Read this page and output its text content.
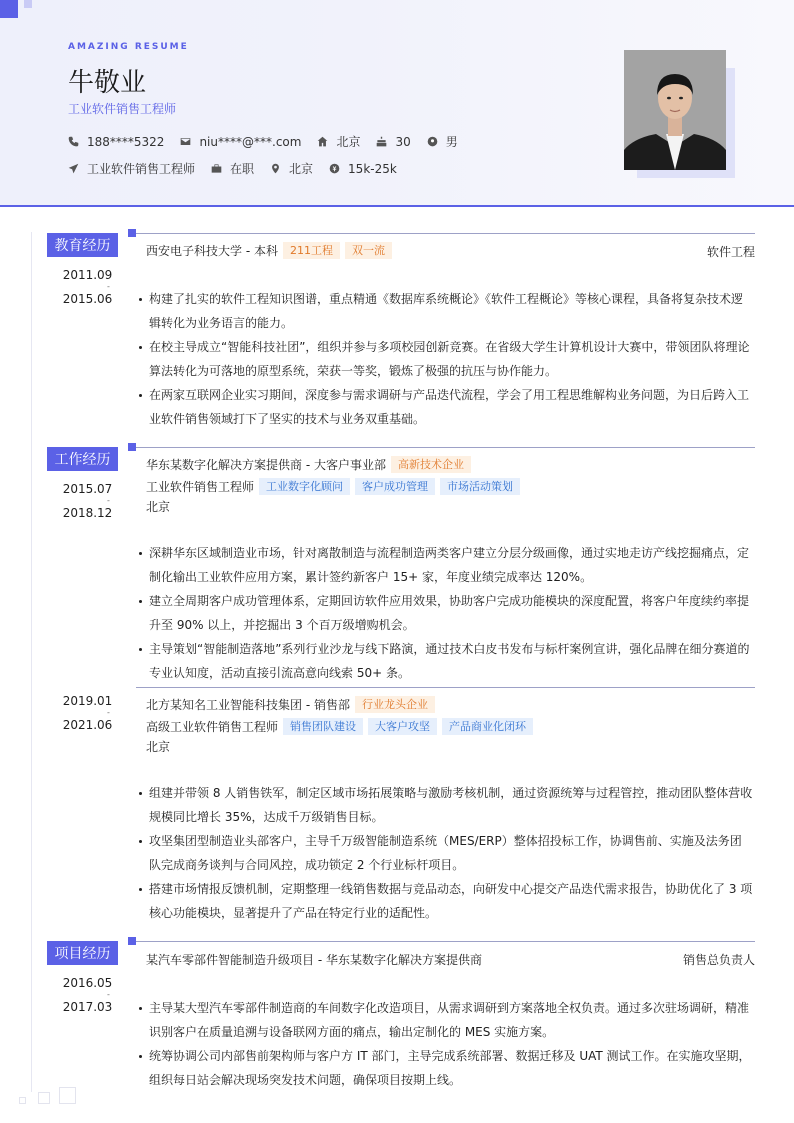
AMAZING RESUME
牛敬业
工业软件销售工程师
188****5322	niu****@***.com	北京	30	男
工业软件销售工程师	在职	北京	15k-25k
教育经历
2011.09
-
2015.06
西安电子科技大学 - 本科	211工程	双一流	软件工程
构建了扎实的软件工程知识图谱，重点精通《数据库系统概论》《软件工程概论》等核心课程，具备将复杂技术逻辑转化为业务语言的能力。
在校主导成立“智能科技社团”，组织并参与多项校园创新竞赛。在省级大学生计算机设计大赛中，带领团队将理论算法转化为可落地的原型系统，荣获一等奖，锻炼了极强的抗压与协作能力。
在两家互联网企业实习期间，深度参与需求调研与产品迭代流程，学会了用工程思维解构业务问题，为日后跨入工业软件销售领域打下了坚实的技术与业务双重基础。
工作经历
2015.07
-
2018.12
华东某数字化解决方案提供商 - 大客户事业部	高新技术企业
工业软件销售工程师	工业数字化顾问	客户成功管理	市场活动策划
北京
深耕华东区域制造业市场，针对离散制造与流程制造两类客户建立分层分级画像，通过实地走访产线挖掘痛点，定制化输出工业软件应用方案，累计签约新客户 15+ 家，年度业绩完成率达 120%。
建立全周期客户成功管理体系，定期回访软件应用效果，协助客户完成功能模块的深度配置，将客户年度续约率提升至 90% 以上，并挖掘出 3 个百万级增购机会。
主导策划“智能制造落地”系列行业沙龙与线下路演，通过技术白皮书发布与标杆案例宣讲，强化品牌在细分赛道的专业认知度，活动直接引流高意向线索 50+ 条。
2019.01
-
2021.06
北方某知名工业智能科技集团 - 销售部	行业龙头企业
高级工业软件销售工程师	销售团队建设	大客户攻坚	产品商业化闭环
北京
组建并带领 8 人销售铁军，制定区域市场拓展策略与激励考核机制，通过资源统筹与过程管控，推动团队整体营收规模同比增长 35%，达成千万级销售目标。
攻坚集团型制造业头部客户，主导千万级智能制造系统（MES/ERP）整体招投标工作，协调售前、实施及法务团队完成商务谈判与合同风控，成功锁定 2 个行业标杆项目。
搭建市场情报反馈机制，定期整理一线销售数据与竞品动态，向研发中心提交产品迭代需求报告，协助优化了 3 项核心功能模块，显著提升了产品在特定行业的适配性。
项目经历
2016.05
-
2017.03
某汽车零部件智能制造升级项目 - 华东某数字化解决方案提供商	销售总负责人
主导某大型汽车零部件制造商的车间数字化改造项目，从需求调研到方案落地全权负责。通过多次驻场调研，精准识别客户在质量追溯与设备联网方面的痛点，输出定制化的 MES 实施方案。
统筹协调公司内部售前架构师与客户方 IT 部门，主导完成系统部署、数据迁移及 UAT 测试工作。在实施攻坚期，组织每日站会解决现场突发技术问题，确保项目按期上线。
